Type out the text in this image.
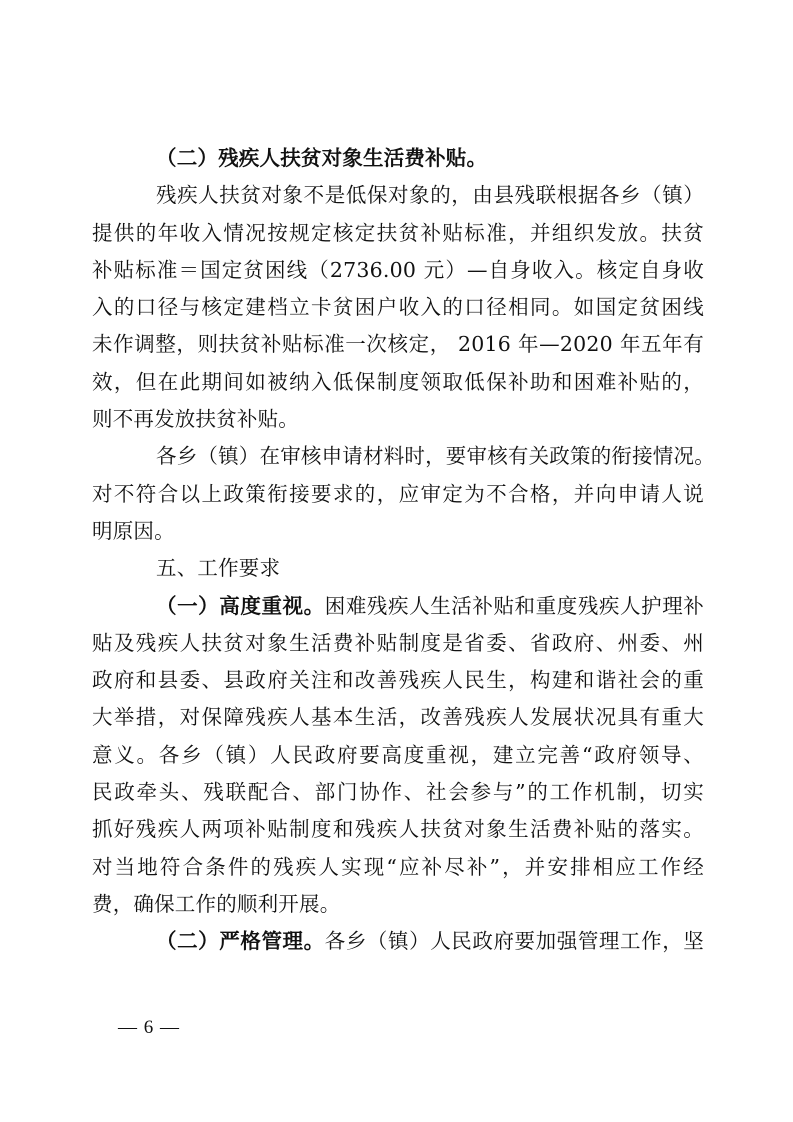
（二）残疾人扶贫对象生活费补贴。
残疾人扶贫对象不是低保对象的，由县残联根据各乡（镇）
提供的年收入情况按规定核定扶贫补贴标准，并组织发放。扶贫
补贴标准＝国定贫困线（2736.00 元）—自身收入。核定自身收
入的口径与核定建档立卡贫困户收入的口径相同。如国定贫困线
未作调整，则扶贫补贴标准一次核定， 2016 年—2020 年五年有
效，但在此期间如被纳入低保制度领取低保补助和困难补贴的，
则不再发放扶贫补贴。
各乡（镇）在审核申请材料时，要审核有关政策的衔接情况。
对不符合以上政策衔接要求的，应审定为不合格，并向申请人说
明原因。
五、工作要求
（一）高度重视。困难残疾人生活补贴和重度残疾人护理补
贴及残疾人扶贫对象生活费补贴制度是省委、省政府、州委、州
政府和县委、县政府关注和改善残疾人民生，构建和谐社会的重
大举措，对保障残疾人基本生活，改善残疾人发展状况具有重大
意义。各乡（镇）人民政府要高度重视，建立完善“政府领导、
民政牵头、残联配合、部门协作、社会参与”的工作机制，切实
抓好残疾人两项补贴制度和残疾人扶贫对象生活费补贴的落实。
对当地符合条件的残疾人实现“应补尽补”，并安排相应工作经
费，确保工作的顺利开展。
（二）严格管理。各乡（镇）人民政府要加强管理工作，坚
— 6 —
